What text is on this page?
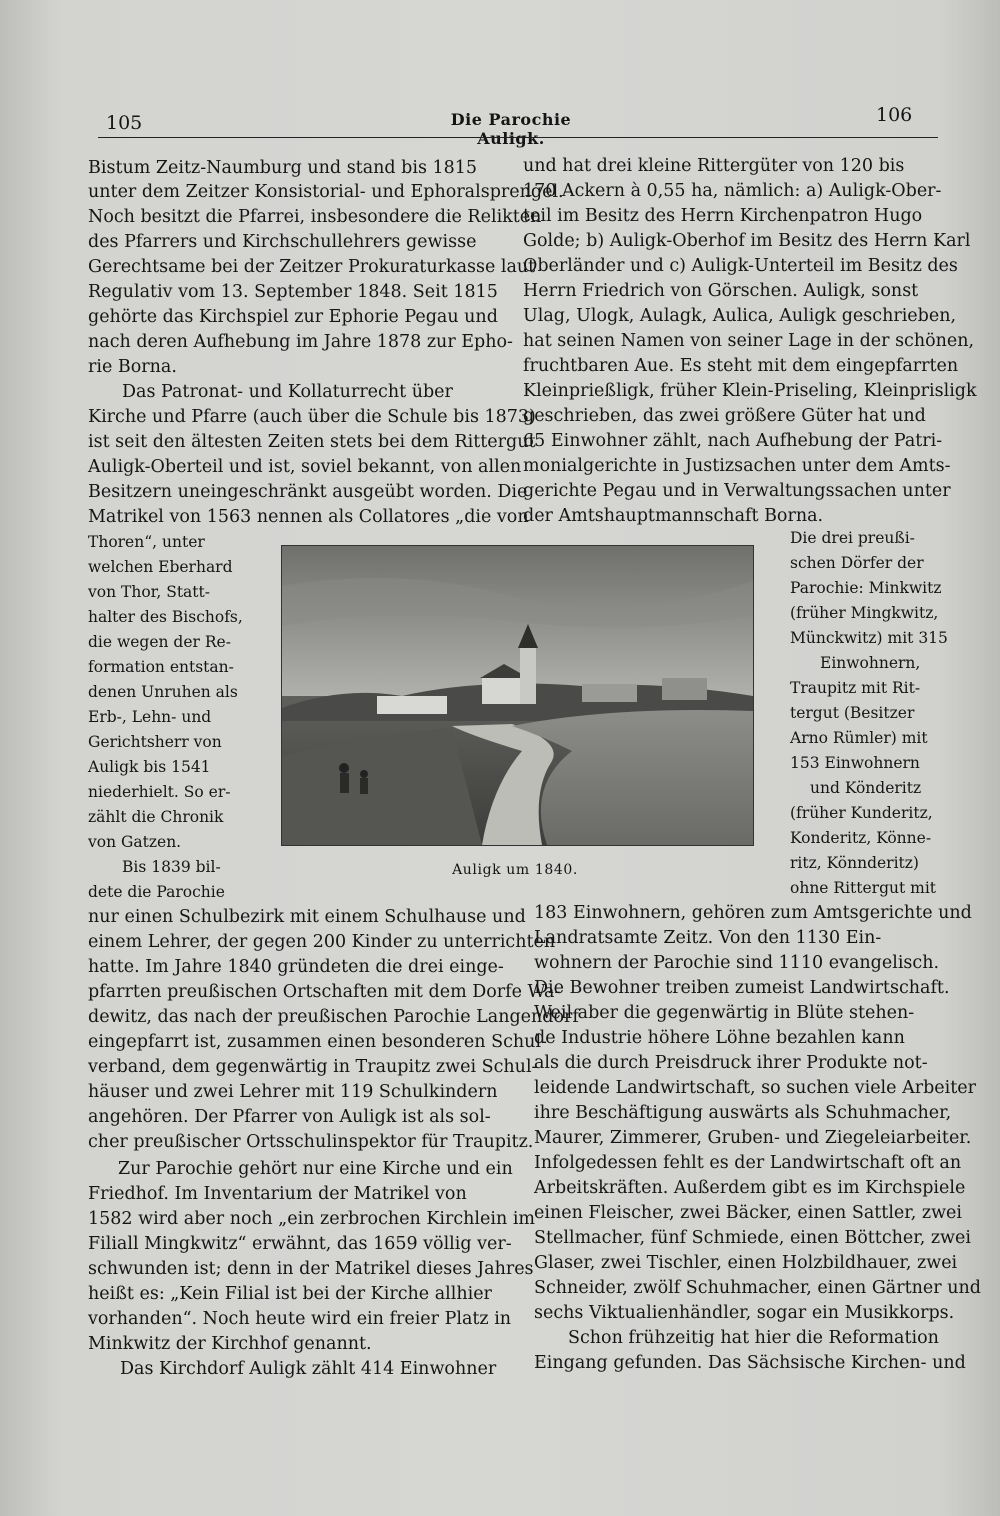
105	Die Parochie Auligk.
106
Bistum Zeitz-Naumburg und stand bis 1815
unter dem Zeitzer Konsistorial- und Ephoralsprengel.
Noch besitzt die Pfarrei, insbesondere die Relikten
des Pfarrers und Kirchschullehrers gewisse
Gerechtsame bei der Zeitzer Prokuraturkasse laut
Regulativ vom 13. September 1848. Seit 1815
gehörte das Kirchspiel zur Ephorie Pegau und
nach deren Aufhebung im Jahre 1878 zur Epho-
rie Borna.
Das Patronat- und Kollaturrecht über
Kirche und Pfarre (auch über die Schule bis 1873)
ist seit den ältesten Zeiten stets bei dem Rittergut
Auligk-Oberteil und ist, soviel bekannt, von allen
Besitzern uneingeschränkt ausgeübt worden. Die
Matrikel von 1563 nennen als Collatores „die von
Thoren“, unter
welchen Eberhard
von Thor, Statt-
halter des Bischofs,
die wegen der Re-
formation entstan-
denen Unruhen als
Erb-, Lehn- und
Gerichtsherr von
Auligk bis 1541
niederhielt. So er-
zählt die Chronik
von Gatzen.
Bis 1839 bil-
dete die Parochie
nur einen Schulbezirk mit einem Schulhause und
einem Lehrer, der gegen 200 Kinder zu unterrichten
hatte. Im Jahre 1840 gründeten die drei einge-
pfarrten preußischen Ortschaften mit dem Dorfe Wa-
dewitz, das nach der preußischen Parochie Langendorf
eingepfarrt ist, zusammen einen besonderen Schul-
verband, dem gegenwärtig in Traupitz zwei Schul-
häuser und zwei Lehrer mit 119 Schulkindern
angehören. Der Pfarrer von Auligk ist als sol-
cher preußischer Ortsschulinspektor für Traupitz.
Zur Parochie gehört nur eine Kirche und ein
Friedhof. Im Inventarium der Matrikel von
1582 wird aber noch „ein zerbrochen Kirchlein im
Filiall Mingkwitz“ erwähnt, das 1659 völlig ver-
schwunden ist; denn in der Matrikel dieses Jahres
heißt es: „Kein Filial ist bei der Kirche allhier
vorhanden“. Noch heute wird ein freier Platz in
Minkwitz der Kirchhof genannt.
Das Kirchdorf Auligk zählt 414 Einwohner
und hat drei kleine Rittergüter von 120 bis
170 Ackern à 0,55 ha, nämlich: a) Auligk-Ober-
teil im Besitz des Herrn Kirchenpatron Hugo
Golde; b) Auligk-Oberhof im Besitz des Herrn Karl
Oberländer und c) Auligk-Unterteil im Besitz des
Herrn Friedrich von Görschen. Auligk, sonst
Ulag, Ulogk, Aulagk, Aulica, Auligk geschrieben,
hat seinen Namen von seiner Lage in der schönen,
fruchtbaren Aue. Es steht mit dem eingepfarrten
Kleinprießligk, früher Klein-Priseling, Kleinprisligk
geschrieben, das zwei größere Güter hat und
65 Einwohner zählt, nach Aufhebung der Patri-
monialgerichte in Justizsachen unter dem Amts-
gerichte Pegau und in Verwaltungssachen unter
der Amtshauptmannschaft Borna.
Die drei preußi-
schen Dörfer der
Parochie: Minkwitz
(früher Mingkwitz,
Münckwitz) mit 315
Einwohnern,
Traupitz mit Rit-
tergut (Besitzer
Arno Rümler) mit
153 Einwohnern
und Könderitz
(früher Kunderitz,
Konderitz, Könne-
ritz, Könnderitz)
ohne Rittergut mit
183 Einwohnern, gehören zum Amtsgerichte und
Landratsamte Zeitz. Von den 1130 Ein-
wohnern der Parochie sind 1110 evangelisch.
Die Bewohner treiben zumeist Landwirtschaft.
Weil aber die gegenwärtig in Blüte stehen-
de Industrie höhere Löhne bezahlen kann
als die durch Preisdruck ihrer Produkte not-
leidende Landwirtschaft, so suchen viele Arbeiter
ihre Beschäftigung auswärts als Schuhmacher,
Maurer, Zimmerer, Gruben- und Ziegeleiarbeiter.
Infolgedessen fehlt es der Landwirtschaft oft an
Arbeitskräften. Außerdem gibt es im Kirchspiele
einen Fleischer, zwei Bäcker, einen Sattler, zwei
Stellmacher, fünf Schmiede, einen Böttcher, zwei
Glaser, zwei Tischler, einen Holzbildhauer, zwei
Schneider, zwölf Schuhmacher, einen Gärtner und
sechs Viktualienhändler, sogar ein Musikkorps.
Schon frühzeitig hat hier die Reformation
Eingang gefunden. Das Sächsische Kirchen- und
Auligk um 1840.
